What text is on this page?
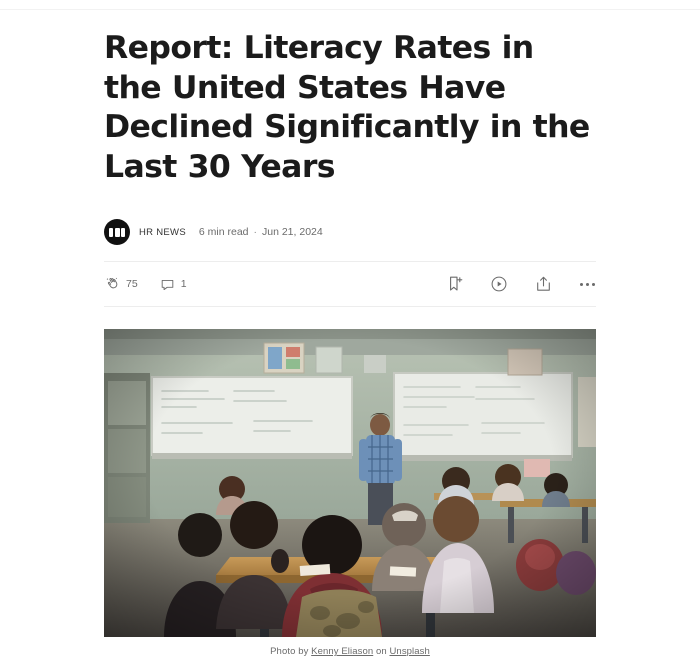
Report: Literacy Rates in the United States Have Declined Significantly in the Last 30 Years
HR NEWS
6 min read · Jun 21, 2024
75	1
Photo by Kenny Eliason on Unsplash
